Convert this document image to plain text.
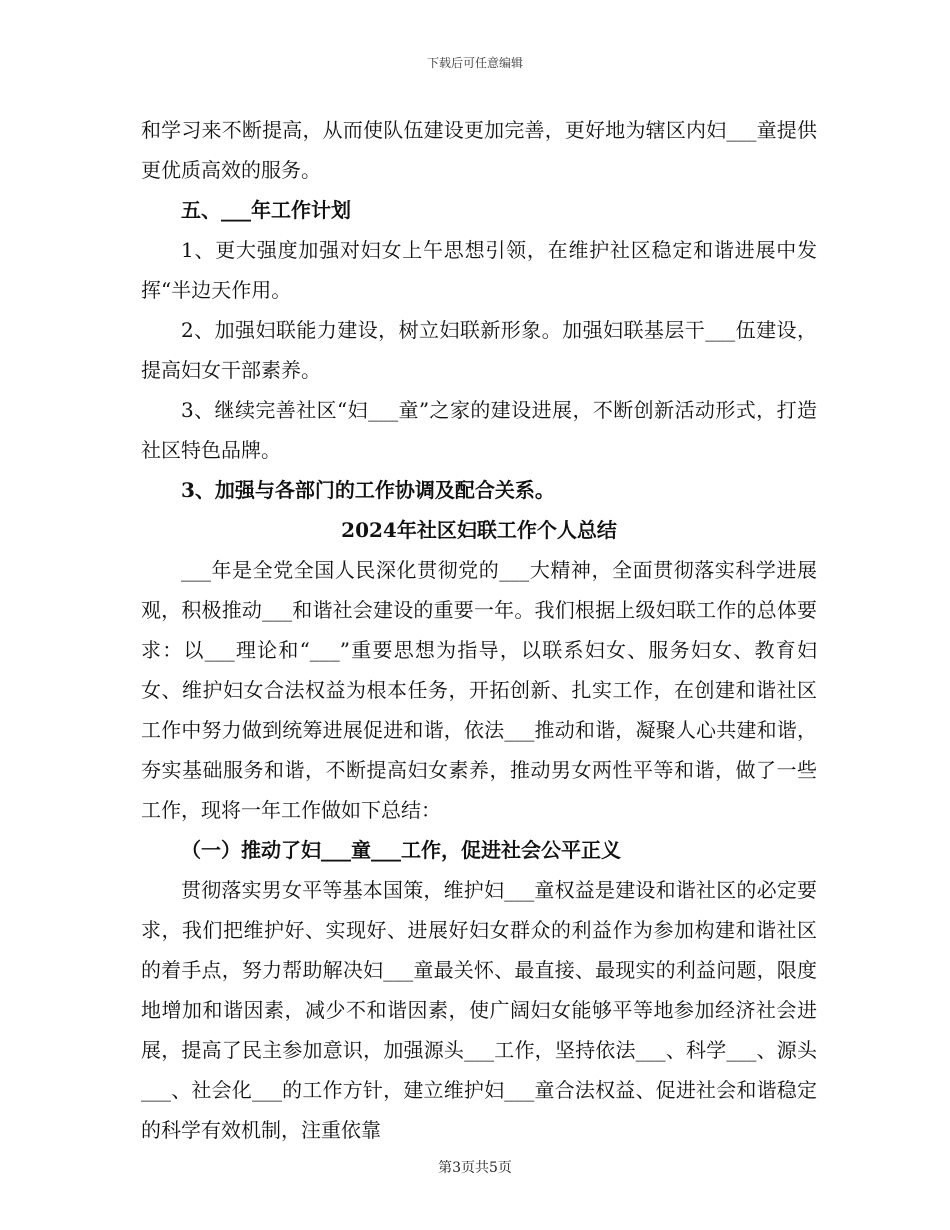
下载后可任意编辑

和学习来不断提高，从而使队伍建设更加完善，更好地为辖区内妇___童提供更优质高效的服务。

五、___年工作计划

1、更大强度加强对妇女上午思想引领，在维护社区稳定和谐进展中发挥“半边天作用。

2、加强妇联能力建设，树立妇联新形象。加强妇联基层干___伍建设，提高妇女干部素养。

3、继续完善社区“妇___童”之家的建设进展，不断创新活动形式，打造社区特色品牌。

3、加强与各部门的工作协调及配合关系。

2024年社区妇联工作个人总结

___年是全党全国人民深化贯彻党的___大精神，全面贯彻落实科学进展观，积极推动___和谐社会建设的重要一年。我们根据上级妇联工作的总体要求：以___理论和“___”重要思想为指导，以联系妇女、服务妇女、教育妇女、维护妇女合法权益为根本任务，开拓创新、扎实工作，在创建和谐社区工作中努力做到统筹进展促进和谐，依法___推动和谐，凝聚人心共建和谐，夯实基础服务和谐，不断提高妇女素养，推动男女两性平等和谐，做了一些工作，现将一年工作做如下总结：

（一）推动了妇___童___工作，促进社会公平正义

贯彻落实男女平等基本国策，维护妇___童权益是建设和谐社区的必定要求，我们把维护好、实现好、进展好妇女群众的利益作为参加构建和谐社区的着手点，努力帮助解决妇___童最关怀、最直接、最现实的利益问题，限度地增加和谐因素，减少不和谐因素，使广阔妇女能够平等地参加经济社会进展，提高了民主参加意识，加强源头___工作，坚持依法___、科学___、源头___、社会化___的工作方针，建立维护妇___童合法权益、促进社会和谐稳定的科学有效机制，注重依靠

第3页共5页
